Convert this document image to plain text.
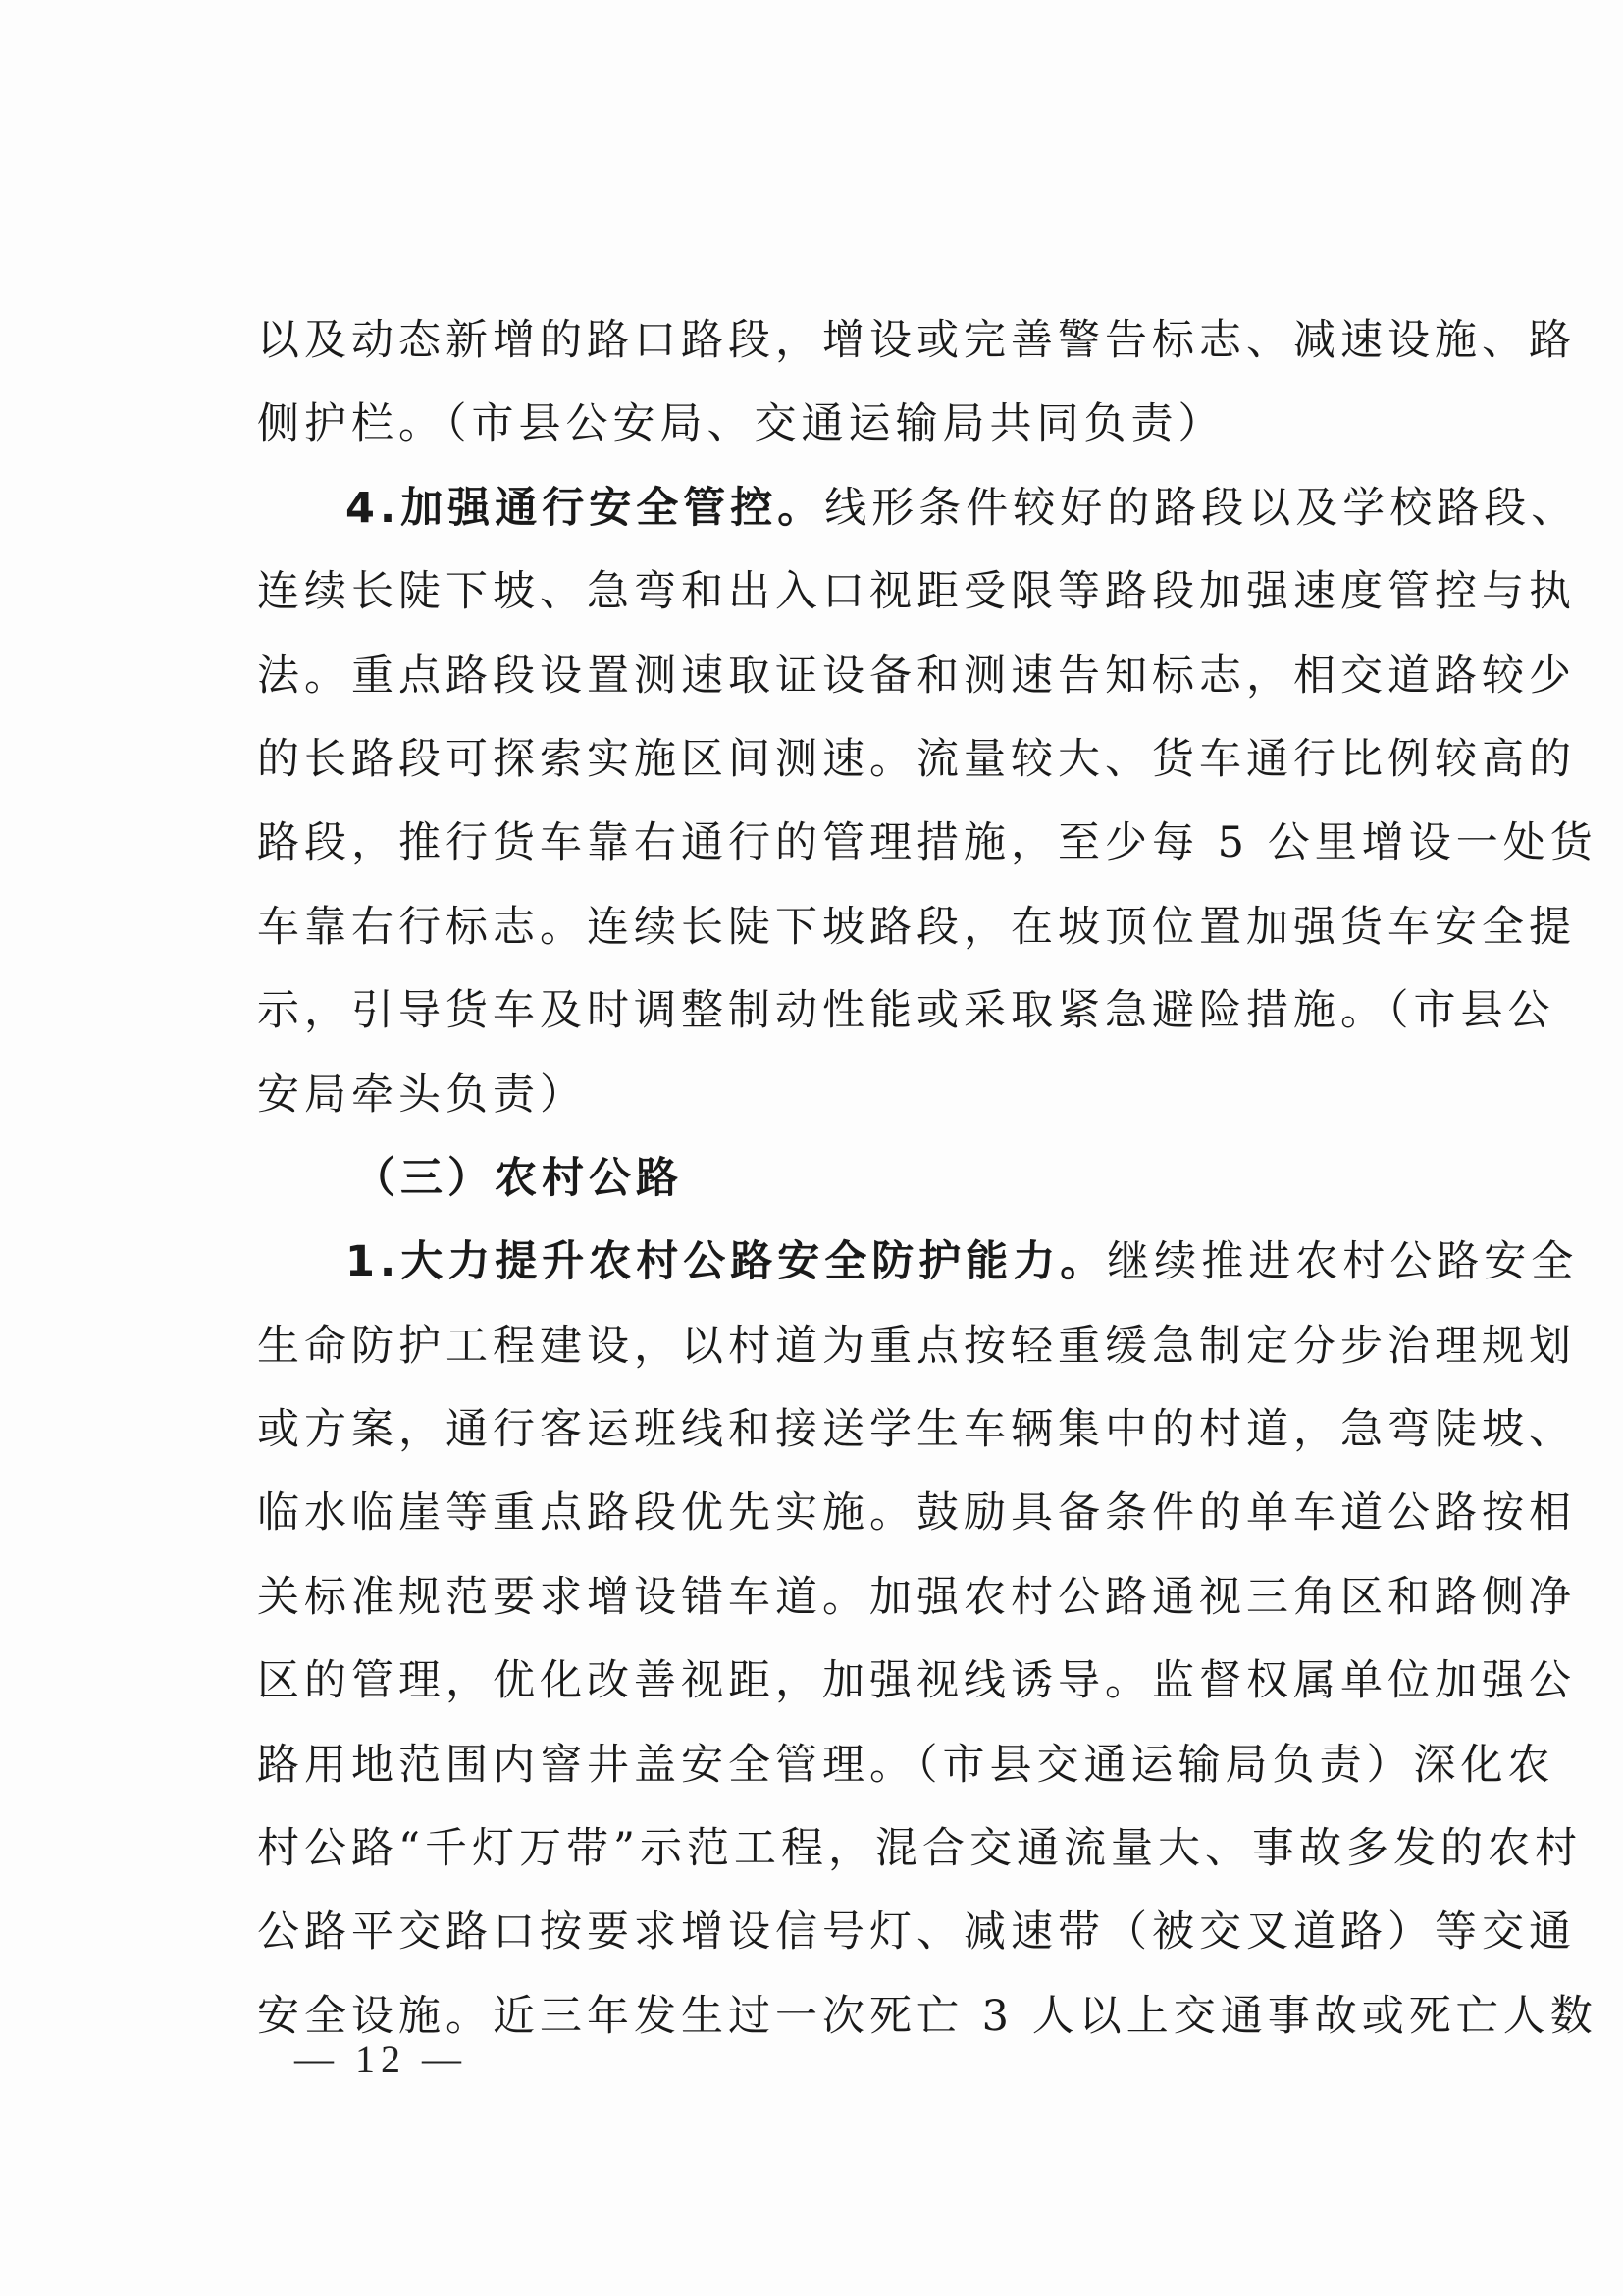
以及动态新增的路口路段，增设或完善警告标志、减速设施、路
侧护栏。（市县公安局、交通运输局共同负责）
4.加强通行安全管控。线形条件较好的路段以及学校路段、
连续长陡下坡、急弯和出入口视距受限等路段加强速度管控与执
法。重点路段设置测速取证设备和测速告知标志，相交道路较少
的长路段可探索实施区间测速。流量较大、货车通行比例较高的
路段，推行货车靠右通行的管理措施，至少每 5 公里增设一处货
车靠右行标志。连续长陡下坡路段，在坡顶位置加强货车安全提
示，引导货车及时调整制动性能或采取紧急避险措施。（市县公
安局牵头负责）
（三）农村公路
1.大力提升农村公路安全防护能力。继续推进农村公路安全
生命防护工程建设，以村道为重点按轻重缓急制定分步治理规划
或方案，通行客运班线和接送学生车辆集中的村道，急弯陡坡、
临水临崖等重点路段优先实施。鼓励具备条件的单车道公路按相
关标准规范要求增设错车道。加强农村公路通视三角区和路侧净
区的管理，优化改善视距，加强视线诱导。监督权属单位加强公
路用地范围内窨井盖安全管理。（市县交通运输局负责）深化农
村公路“千灯万带”示范工程，混合交通流量大、事故多发的农村
公路平交路口按要求增设信号灯、减速带（被交叉道路）等交通
安全设施。近三年发生过一次死亡 3 人以上交通事故或死亡人数
— 12 —
